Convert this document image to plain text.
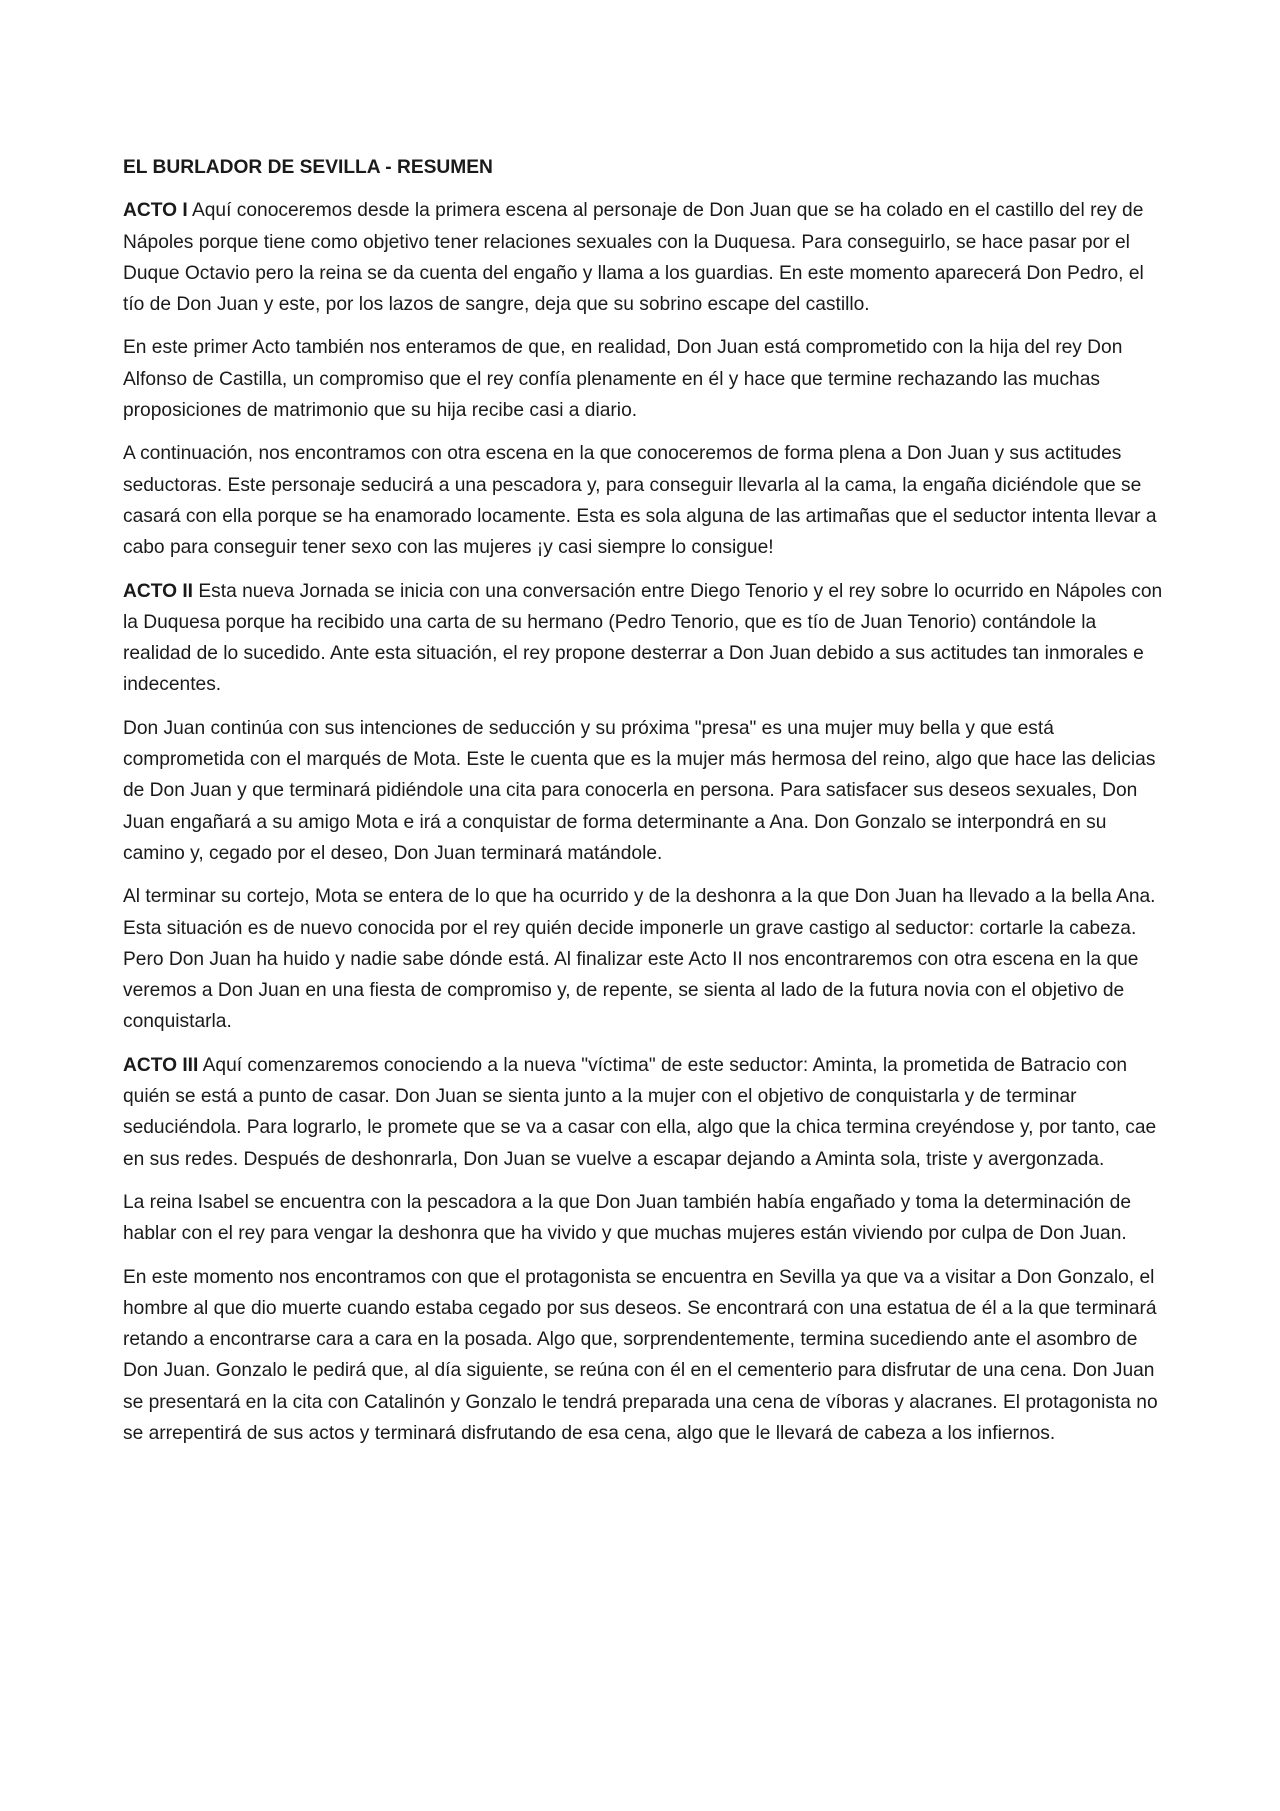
EL BURLADOR DE SEVILLA - RESUMEN

ACTO I Aquí conoceremos desde la primera escena al personaje de Don Juan que se ha colado en el castillo del rey de Nápoles porque tiene como objetivo tener relaciones sexuales con la Duquesa. Para conseguirlo, se hace pasar por el Duque Octavio pero la reina se da cuenta del engaño y llama a los guardias. En este momento aparecerá Don Pedro, el tío de Don Juan y este, por los lazos de sangre, deja que su sobrino escape del castillo.

En este primer Acto también nos enteramos de que, en realidad, Don Juan está comprometido con la hija del rey Don Alfonso de Castilla, un compromiso que el rey confía plenamente en él y hace que termine rechazando las muchas proposiciones de matrimonio que su hija recibe casi a diario.

A continuación, nos encontramos con otra escena en la que conoceremos de forma plena a Don Juan y sus actitudes seductoras. Este personaje seducirá a una pescadora y, para conseguir llevarla al la cama, la engaña diciéndole que se casará con ella porque se ha enamorado locamente. Esta es sola alguna de las artimañas que el seductor intenta llevar a cabo para conseguir tener sexo con las mujeres ¡y casi siempre lo consigue!

ACTO II Esta nueva Jornada se inicia con una conversación entre Diego Tenorio y el rey sobre lo ocurrido en Nápoles con la Duquesa porque ha recibido una carta de su hermano (Pedro Tenorio, que es tío de Juan Tenorio) contándole la realidad de lo sucedido. Ante esta situación, el rey propone desterrar a Don Juan debido a sus actitudes tan inmorales e indecentes.

Don Juan continúa con sus intenciones de seducción y su próxima "presa" es una mujer muy bella y que está comprometida con el marqués de Mota. Este le cuenta que es la mujer más hermosa del reino, algo que hace las delicias de Don Juan y que terminará pidiéndole una cita para conocerla en persona. Para satisfacer sus deseos sexuales, Don Juan engañará a su amigo Mota e irá a conquistar de forma determinante a Ana. Don Gonzalo se interpondrá en su camino y, cegado por el deseo, Don Juan terminará matándole.

Al terminar su cortejo, Mota se entera de lo que ha ocurrido y de la deshonra a la que Don Juan ha llevado a la bella Ana. Esta situación es de nuevo conocida por el rey quién decide imponerle un grave castigo al seductor: cortarle la cabeza. Pero Don Juan ha huido y nadie sabe dónde está. Al finalizar este Acto II nos encontraremos con otra escena en la que veremos a Don Juan en una fiesta de compromiso y, de repente, se sienta al lado de la futura novia con el objetivo de conquistarla.

ACTO III Aquí comenzaremos conociendo a la nueva "víctima" de este seductor: Aminta, la prometida de Batracio con quién se está a punto de casar. Don Juan se sienta junto a la mujer con el objetivo de conquistarla y de terminar seduciéndola. Para lograrlo, le promete que se va a casar con ella, algo que la chica termina creyéndose y, por tanto, cae en sus redes. Después de deshonrarla, Don Juan se vuelve a escapar dejando a Aminta sola, triste y avergonzada.

La reina Isabel se encuentra con la pescadora a la que Don Juan también había engañado y toma la determinación de hablar con el rey para vengar la deshonra que ha vivido y que muchas mujeres están viviendo por culpa de Don Juan.

En este momento nos encontramos con que el protagonista se encuentra en Sevilla ya que va a visitar a Don Gonzalo, el hombre al que dio muerte cuando estaba cegado por sus deseos. Se encontrará con una estatua de él a la que terminará retando a encontrarse cara a cara en la posada. Algo que, sorprendentemente, termina sucediendo ante el asombro de Don Juan. Gonzalo le pedirá que, al día siguiente, se reúna con él en el cementerio para disfrutar de una cena. Don Juan se presentará en la cita con Catalinón y Gonzalo le tendrá preparada una cena de víboras y alacranes. El protagonista no se arrepentirá de sus actos y terminará disfrutando de esa cena, algo que le llevará de cabeza a los infiernos.
